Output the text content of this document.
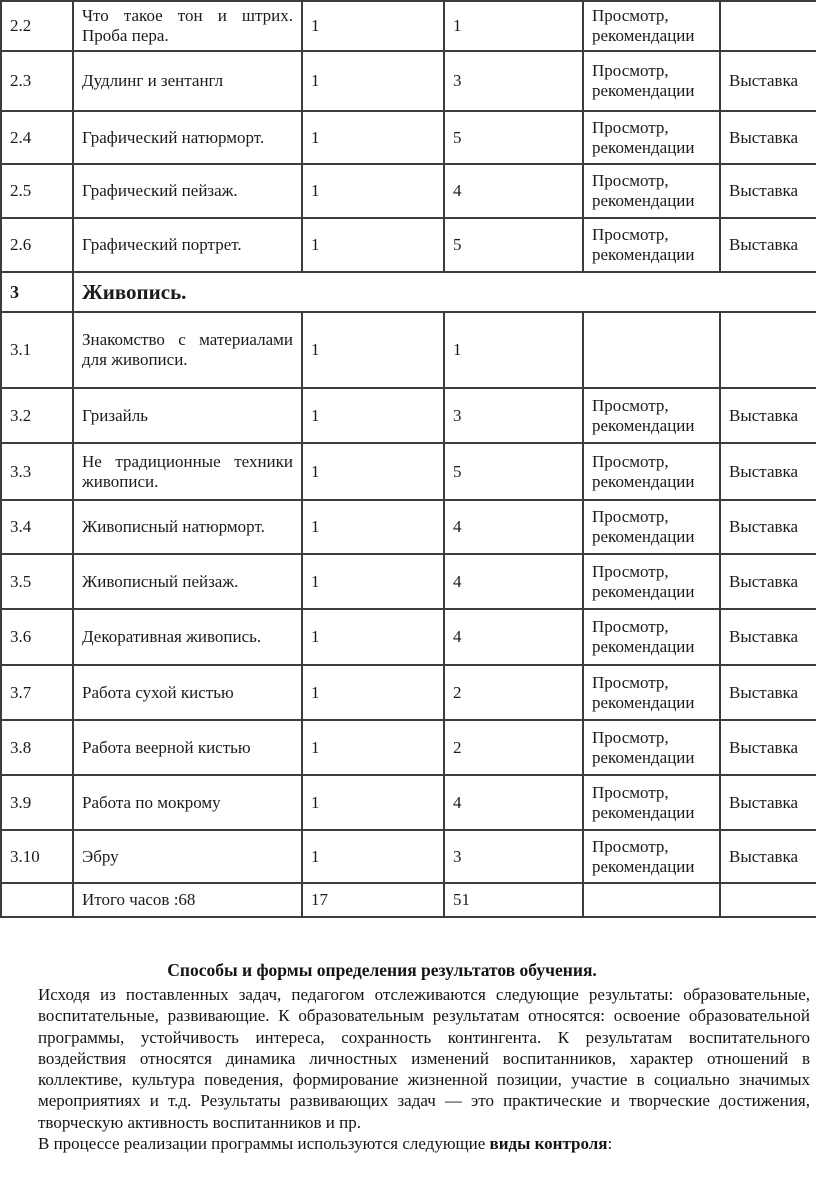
2.2	Что такое тон и штрих. Проба пера.	1	1	Просмотр, рекомендации	
2.3	Дудлинг и зентангл	1	3	Просмотр, рекомендации	Выставка
2.4	Графический натюрморт.	1	5	Просмотр, рекомендации	Выставка
2.5	Графический пейзаж.	1	4	Просмотр, рекомендации	Выставка
2.6	Графический портрет.	1	5	Просмотр, рекомендации	Выставка
3	Живопись.				
3.1	Знакомство с материалами для живописи.	1	1		
3.2	Гризайль	1	3	Просмотр, рекомендации	Выставка
3.3	Не традиционные техники живописи.	1	5	Просмотр, рекомендации	Выставка
3.4	Живописный натюрморт.	1	4	Просмотр, рекомендации	Выставка
3.5	Живописный пейзаж.	1	4	Просмотр, рекомендации	Выставка
3.6	Декоративная живопись.	1	4	Просмотр, рекомендации	Выставка
3.7	Работа сухой кистью	1	2	Просмотр, рекомендации	Выставка
3.8	Работа веерной кистью	1	2	Просмотр, рекомендации	Выставка
3.9	Работа по мокрому	1	4	Просмотр, рекомендации	Выставка
3.10	Эбру	1	3	Просмотр, рекомендации	Выставка
	Итого часов :68	17	51		
Способы и формы определения результатов обучения.

Исходя из поставленных задач, педагогом отслеживаются следующие результаты: образовательные, воспитательные, развивающие. К образовательным результатам относятся: освоение образовательной программы, устойчивость интереса, сохранность контингента. К результатам воспитательного воздействия относятся динамика личностных изменений воспитанников, характер отношений в коллективе, культура поведения, формирование жизненной позиции, участие в социально значимых мероприятиях и т.д. Результаты развивающих задач — это практические и творческие достижения, творческую активность воспитанников и пр.

В процессе реализации программы используются следующие виды контроля:
